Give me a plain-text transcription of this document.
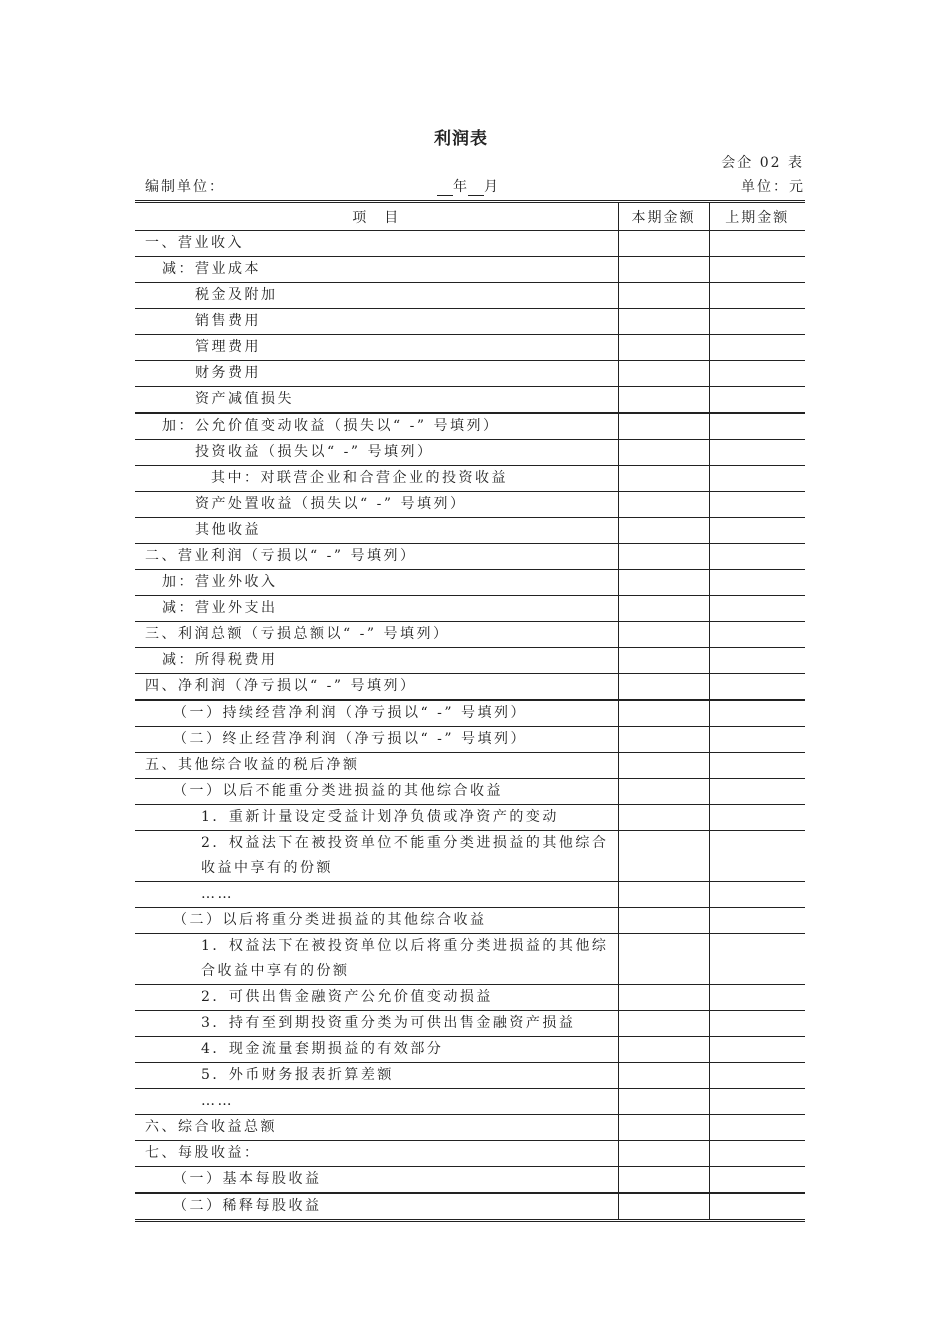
利润表
会企 02 表
编制单位：	年 月	单位：元
项　目	本期金额	上期金额

一、营业收入		

减：营业成本		

税金及附加		

销售费用		

管理费用		

财务费用		

资产减值损失		

加：公允价值变动收益（损失以“ -” 号填列）		

投资收益（损失以“ -” 号填列）		

其中：对联营企业和合营企业的投资收益		

资产处置收益（损失以“ -” 号填列）		

其他收益		

二、营业利润（亏损以“ -” 号填列）		

加：营业外收入		

减：营业外支出		

三、利润总额（亏损总额以“ -” 号填列）		

减：所得税费用		

四、净利润（净亏损以“ -” 号填列）		

（一）持续经营净利润（净亏损以“ -” 号填列）		

（二）终止经营净利润（净亏损以“ -” 号填列）		

五、其他综合收益的税后净额		

（一）以后不能重分类进损益的其他综合收益		

1．重新计量设定受益计划净负债或净资产的变动		

2．权益法下在被投资单位不能重分类进损益的其他综合收益中享有的份额		

……		

（二）以后将重分类进损益的其他综合收益		

1．权益法下在被投资单位以后将重分类进损益的其他综合收益中享有的份额		

2．可供出售金融资产公允价值变动损益		

3．持有至到期投资重分类为可供出售金融资产损益		

4．现金流量套期损益的有效部分		

5．外币财务报表折算差额		

……		

六、综合收益总额		

七、每股收益：		

（一）基本每股收益		

（二）稀释每股收益		
